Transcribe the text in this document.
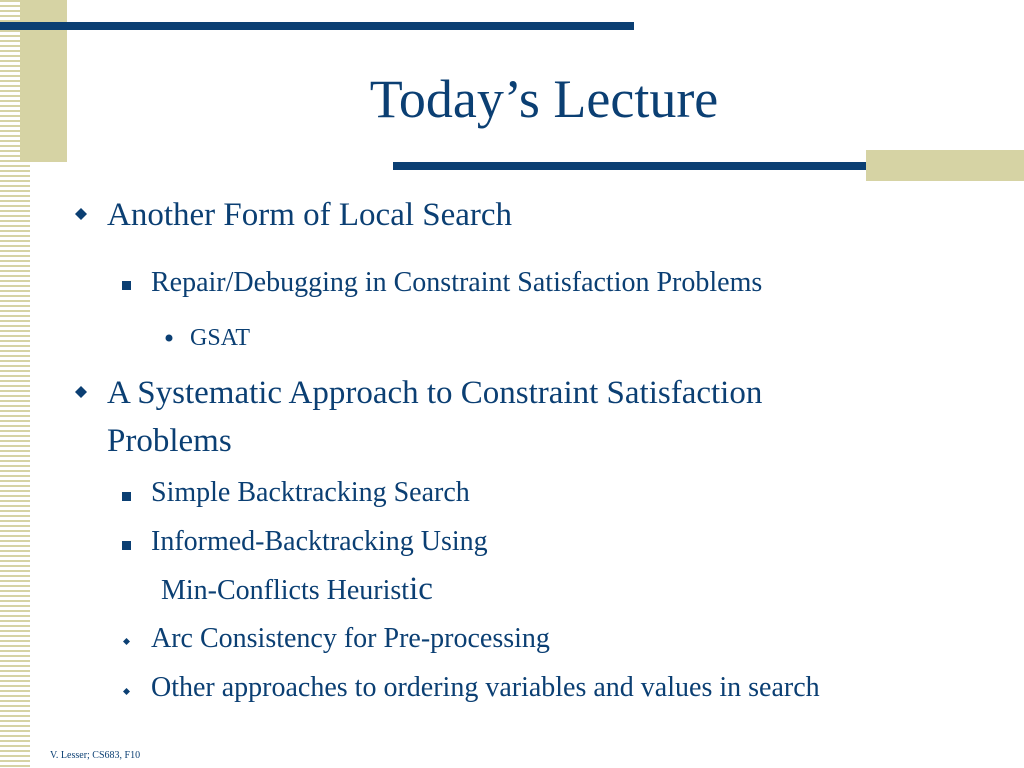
Today’s Lecture
Another Form of Local Search
Repair/Debugging in Constraint Satisfaction Problems
GSAT
A Systematic Approach to Constraint Satisfaction
Problems
Simple Backtracking Search
Informed-Backtracking Using
Min-Conflicts Heuristic
Arc Consistency for Pre-processing
Other approaches to ordering variables and values in search
V. Lesser; CS683, F10
